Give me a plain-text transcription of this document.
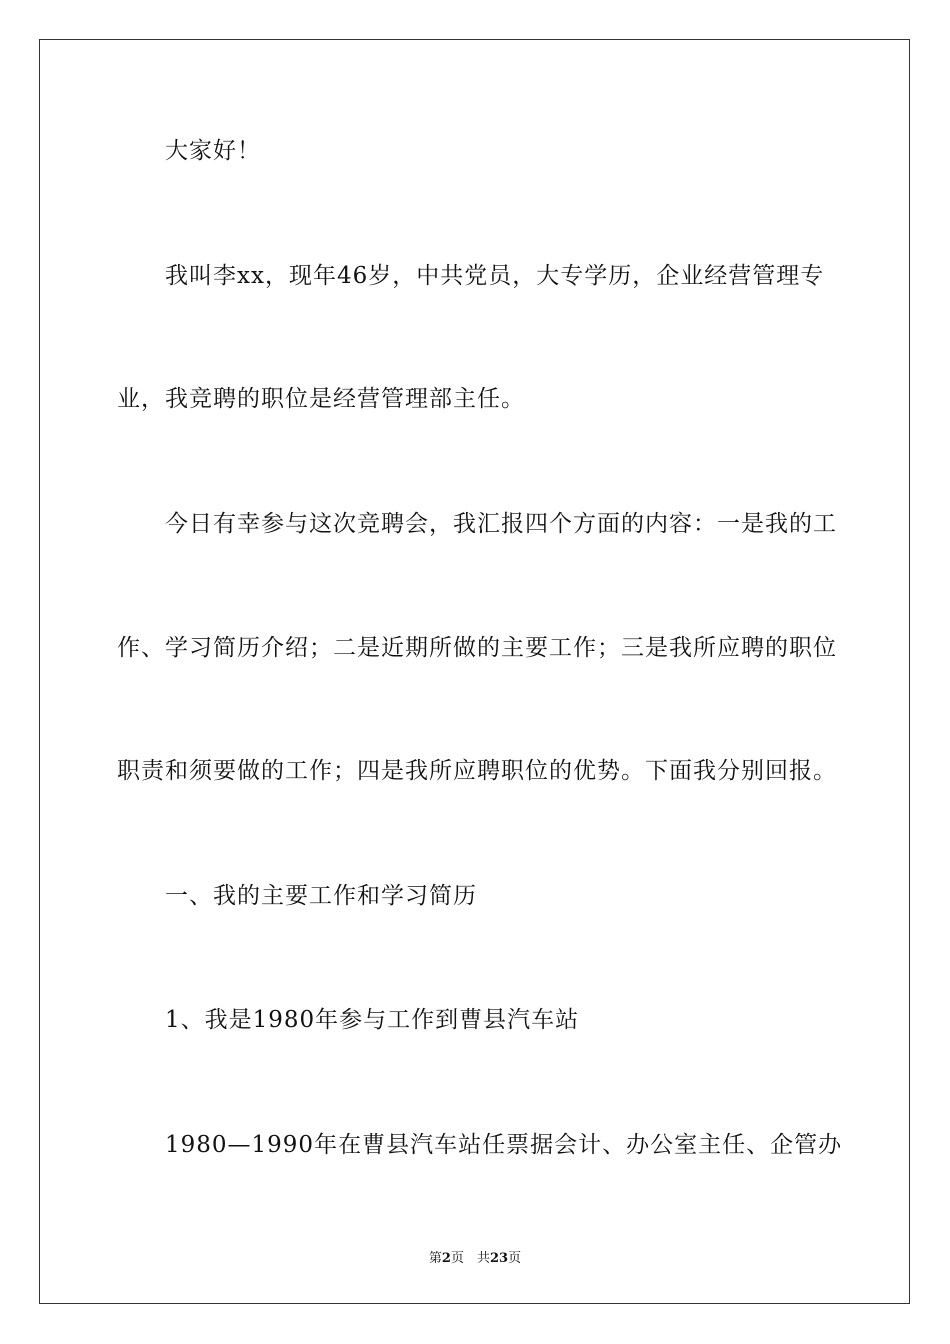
大家好！
我叫李xx，现年46岁，中共党员，大专学历，企业经营管理专
业，我竞聘的职位是经营管理部主任。
今日有幸参与这次竞聘会，我汇报四个方面的内容：一是我的工
作、学习简历介绍；二是近期所做的主要工作；三是我所应聘的职位
职责和须要做的工作；四是我所应聘职位的优势。下面我分别回报。
一、我的主要工作和学习简历
1、我是1980年参与工作到曹县汽车站
1980—1990年在曹县汽车站任票据会计、办公室主任、企管办
第2页　共23页
